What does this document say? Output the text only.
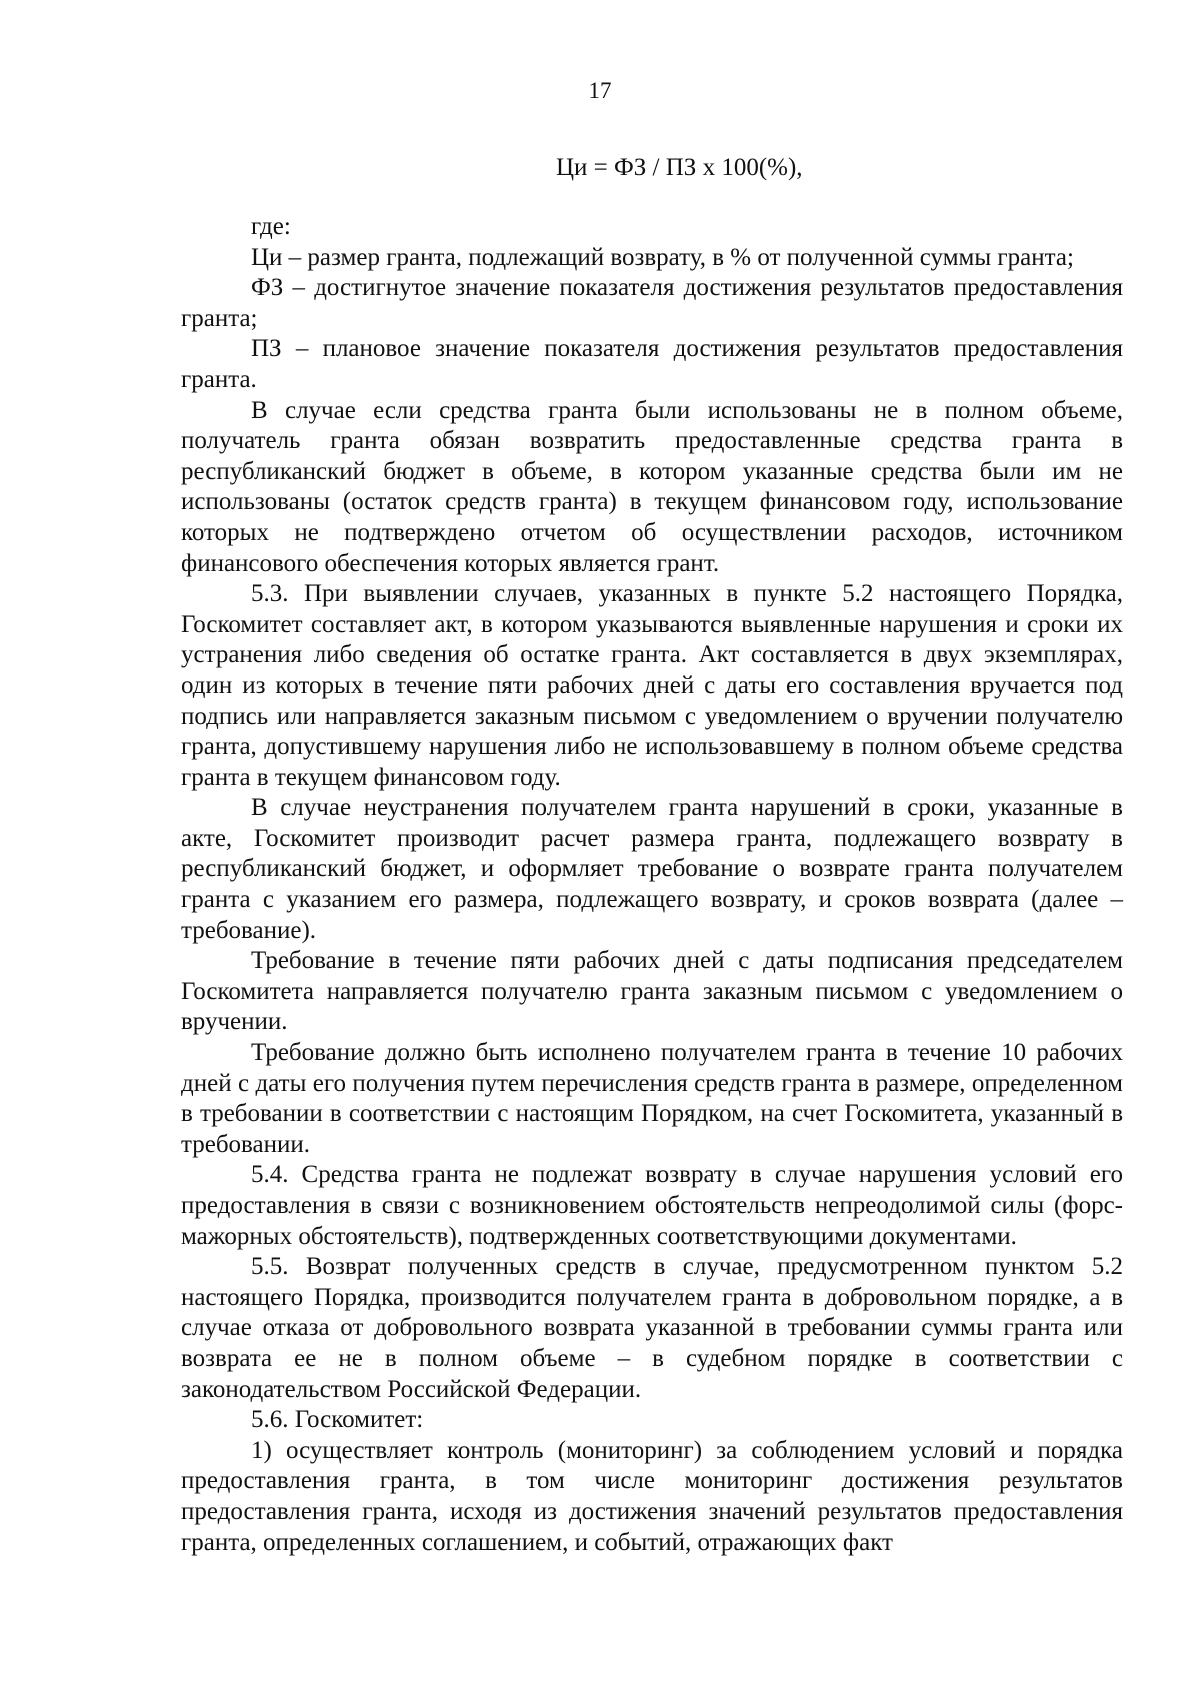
17
Ци = ФЗ / ПЗ х 100(%),

где:

Ци – размер гранта, подлежащий возврату, в % от полученной суммы гранта;

ФЗ – достигнутое значение показателя достижения результатов предоставления гранта;

ПЗ – плановое значение показателя достижения результатов предоставления гранта.

В случае если средства гранта были использованы не в полном объеме, получатель гранта обязан возвратить предоставленные средства гранта в республиканский бюджет в объеме, в котором указанные средства были им не использованы (остаток средств гранта) в текущем финансовом году, использование которых не подтверждено отчетом об осуществлении расходов, источником финансового обеспечения которых является грант.

5.3. При выявлении случаев, указанных в пункте 5.2 настоящего Порядка, Госкомитет составляет акт, в котором указываются выявленные нарушения и сроки их устранения либо сведения об остатке гранта. Акт составляется в двух экземплярах, один из которых в течение пяти рабочих дней с даты его составления вручается под подпись или направляется заказным письмом с уведомлением о вручении получателю гранта, допустившему нарушения либо не использовавшему в полном объеме средства гранта в текущем финансовом году.

В случае неустранения получателем гранта нарушений в сроки, указанные в акте, Госкомитет производит расчет размера гранта, подлежащего возврату в республиканский бюджет, и оформляет требование о возврате гранта получателем гранта с указанием его размера, подлежащего возврату, и сроков возврата (далее – требование).

Требование в течение пяти рабочих дней с даты подписания председателем Госкомитета направляется получателю гранта заказным письмом с уведомлением о вручении.

Требование должно быть исполнено получателем гранта в течение 10 рабочих дней с даты его получения путем перечисления средств гранта в размере, определенном в требовании в соответствии с настоящим Порядком, на счет Госкомитета, указанный в требовании.

5.4. Средства гранта не подлежат возврату в случае нарушения условий его предоставления в связи с возникновением обстоятельств непреодолимой силы (форс-мажорных обстоятельств), подтвержденных соответствующими документами.

5.5. Возврат полученных средств в случае, предусмотренном пунктом 5.2 настоящего Порядка, производится получателем гранта в добровольном порядке, а в случае отказа от добровольного возврата указанной в требовании суммы гранта или возврата ее не в полном объеме – в судебном порядке в соответствии с законодательством Российской Федерации.

5.6. Госкомитет:

1) осуществляет контроль (мониторинг) за соблюдением условий и порядка предоставления гранта, в том числе мониторинг достижения результатов предоставления гранта, исходя из достижения значений результатов предоставления гранта, определенных соглашением, и событий, отражающих факт
